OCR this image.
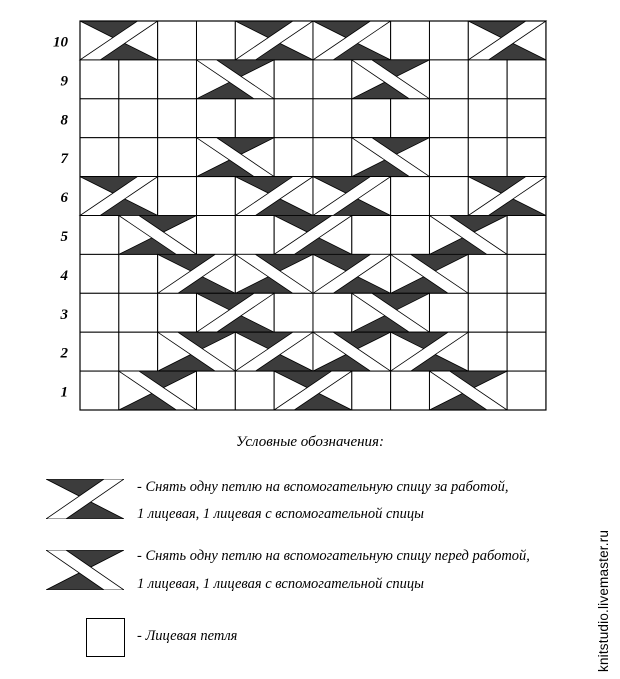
10
9
8
7
6
5
4
3
2
1
Условные обозначения:
- Снять одну петлю на вспомогательную спицу за работой,
1 лицевая, 1 лицевая с вспомогательной спицы
- Снять одну петлю на вспомогательную спицу перед работой,
1 лицевая, 1 лицевая с вспомогательной спицы
- Лицевая петля	knitstudio.livemaster.ru
